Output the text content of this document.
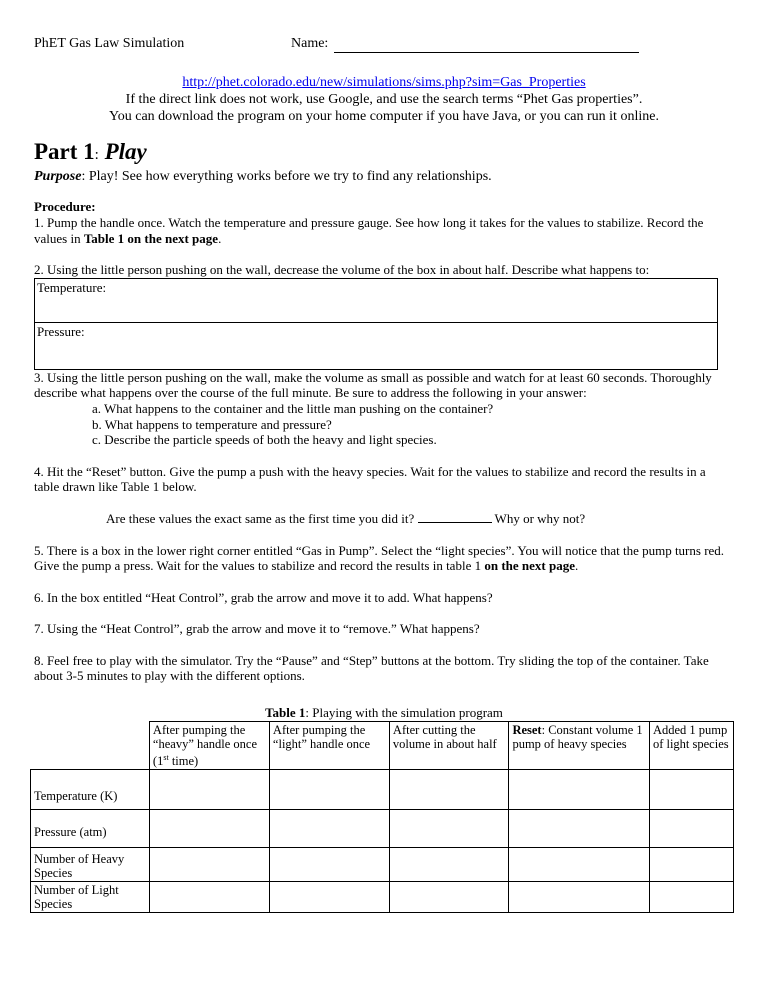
PhET Gas Law Simulation	Name:
http://phet.colorado.edu/new/simulations/sims.php?sim=Gas_Properties
If the direct link does not work, use Google, and use the search terms “Phet Gas properties”.
You can download the program on your home computer if you have Java, or you can run it online.
Part 1: Play
Purpose: Play! See how everything works before we try to find any relationships.

Procedure:

1. Pump the handle once. Watch the temperature and pressure gauge. See how long it takes for the values to stabilize. Record the values in Table 1 on the next page.

2. Using the little person pushing on the wall, decrease the volume of the box in about half. Describe what happens to:

Temperature:
Pressure:

3. Using the little person pushing on the wall, make the volume as small as possible and watch for at least 60 seconds. Thoroughly describe what happens over the course of the full minute. Be sure to address the following in your answer:

a. What happens to the container and the little man pushing on the container?

b. What happens to temperature and pressure?

c. Describe the particle speeds of both the heavy and light species.

4. Hit the “Reset” button. Give the pump a push with the heavy species. Wait for the values to stabilize and record the results in a table drawn like Table 1 below.

Are these values the exact same as the first time you did it?	Why or why not?

5. There is a box in the lower right corner entitled “Gas in Pump”. Select the “light species”. You will notice that the pump turns red. Give the pump a press. Wait for the values to stabilize and record the results in table 1 on the next page.

6. In the box entitled “Heat Control”, grab the arrow and move it to add. What happens?

7. Using the “Heat Control”, grab the arrow and move it to “remove.” What happens?

8. Feel free to play with the simulator. Try the “Pause” and “Step” buttons at the bottom. Try sliding the top of the container. Take about 3-5 minutes to play with the different options.

Table 1: Playing with the simulation program
	After pumping the “heavy” handle once (1st time)	After pumping the “light” handle once	After cutting the volume in about half	Reset: Constant volume 1 pump of heavy species	Added 1 pump of light species
Temperature (K)					
Pressure (atm)					
Number of Heavy Species					
Number of Light Species					
